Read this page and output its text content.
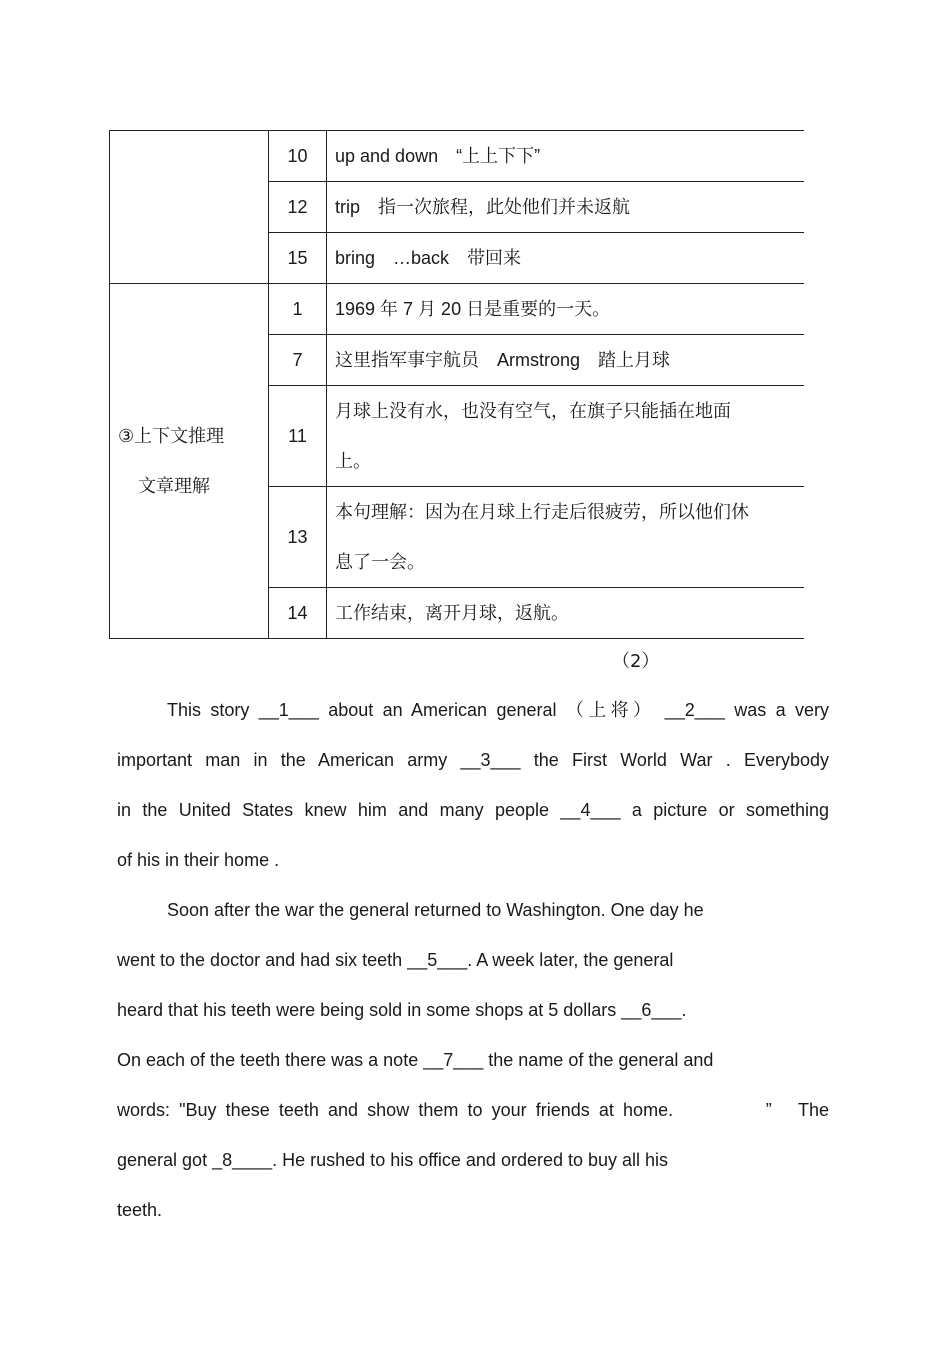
	10	up and down　“上上下下”
	12	trip　指一次旅程，此处他们并未返航
	15	bring　…back　带回来

③上下文推理
文章理解	1	1969 年 7 月 20 日是重要的一天。
	7	这里指军事宇航员　Armstrong　踏上月球
	11	月球上没有水，也没有空气，在旗子只能插在地面上。

	13	本句理解：因为在月球上行走后很疲劳，所以他们休息了一会。

	14	工作结束，离开月球，返航。
（2）

This story __1___ about an American general （上将） __2___ was a very

important man in the American army __3___ the First World War . Everybody

in the United States knew him and many people __4___ a picture or something

of his in their home .

Soon after the war the general returned to Washington. One day he

went to the doctor and had six teeth __5___. A week later, the general

heard that his teeth were being sold in some shops at 5 dollars __6___.

On each of the teeth there was a note __7___ the name of the general and

words: "Buy these teeth and show them to your friends at home.　　　　”　The

general got _8____. He rushed to his office and ordered to buy all his

teeth.
